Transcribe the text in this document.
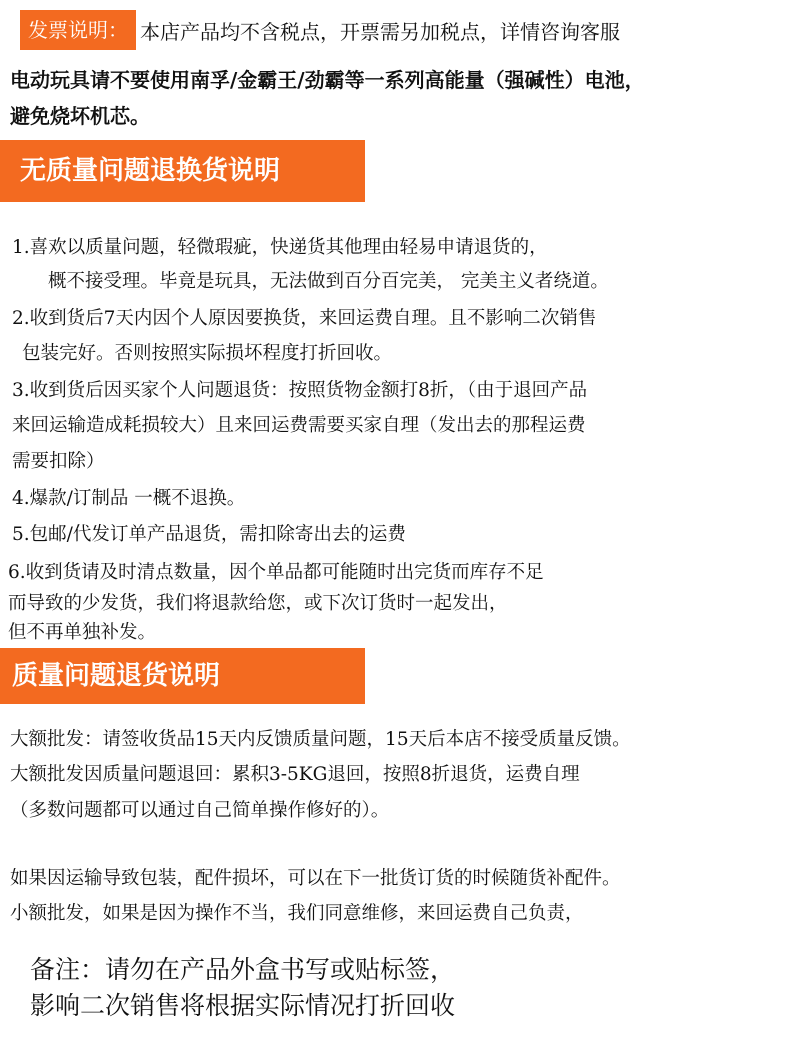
发票说明： 本店产品均不含税点，开票需另加税点，详情咨询客服
电动玩具请不要使用南孚/金霸王/劲霸等一系列高能量（强碱性）电池，
避免烧坏机芯。
无质量问题退换货说明
1.喜欢以质量问题，轻微瑕疵，快递货其他理由轻易申请退货的，
概不接受理。毕竟是玩具，无法做到百分百完美， 完美主义者绕道。
2.收到货后7天内因个人原因要换货，来回运费自理。且不影响二次销售
包装完好。否则按照实际损坏程度打折回收。
3.收到货后因买家个人问题退货：按照货物金额打8折，（由于退回产品
来回运输造成耗损较大）且来回运费需要买家自理（发出去的那程运费
需要扣除）
4.爆款/订制品 一概不退换。
5.包邮/代发订单产品退货，需扣除寄出去的运费
6.收到货请及时清点数量，因个单品都可能随时出完货而库存不足
而导致的少发货，我们将退款给您，或下次订货时一起发出，
但不再单独补发。
质量问题退货说明
大额批发：请签收货品15天内反馈质量问题，15天后本店不接受质量反馈。
大额批发因质量问题退回：累积3-5KG退回，按照8折退货，运费自理
（多数问题都可以通过自己简单操作修好的）。
如果因运输导致包装，配件损坏，可以在下一批货订货的时候随货补配件。
小额批发，如果是因为操作不当，我们同意维修，来回运费自己负责，
备注：请勿在产品外盒书写或贴标签，
影响二次销售将根据实际情况打折回收
